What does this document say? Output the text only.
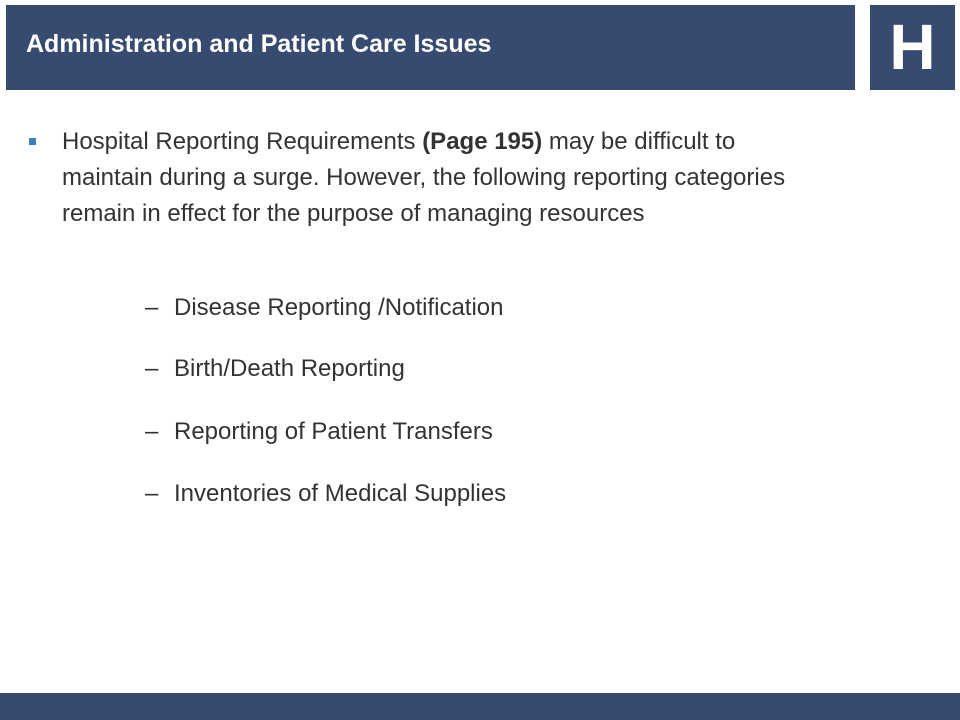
Administration and Patient Care Issues	H

Hospital Reporting Requirements (Page 195) may be difficult to maintain during a surge. However, the following reporting categories remain in effect for the purpose of managing resources

– Disease Reporting /Notification
– Birth/Death Reporting
– Reporting of Patient Transfers
– Inventories of Medical Supplies
